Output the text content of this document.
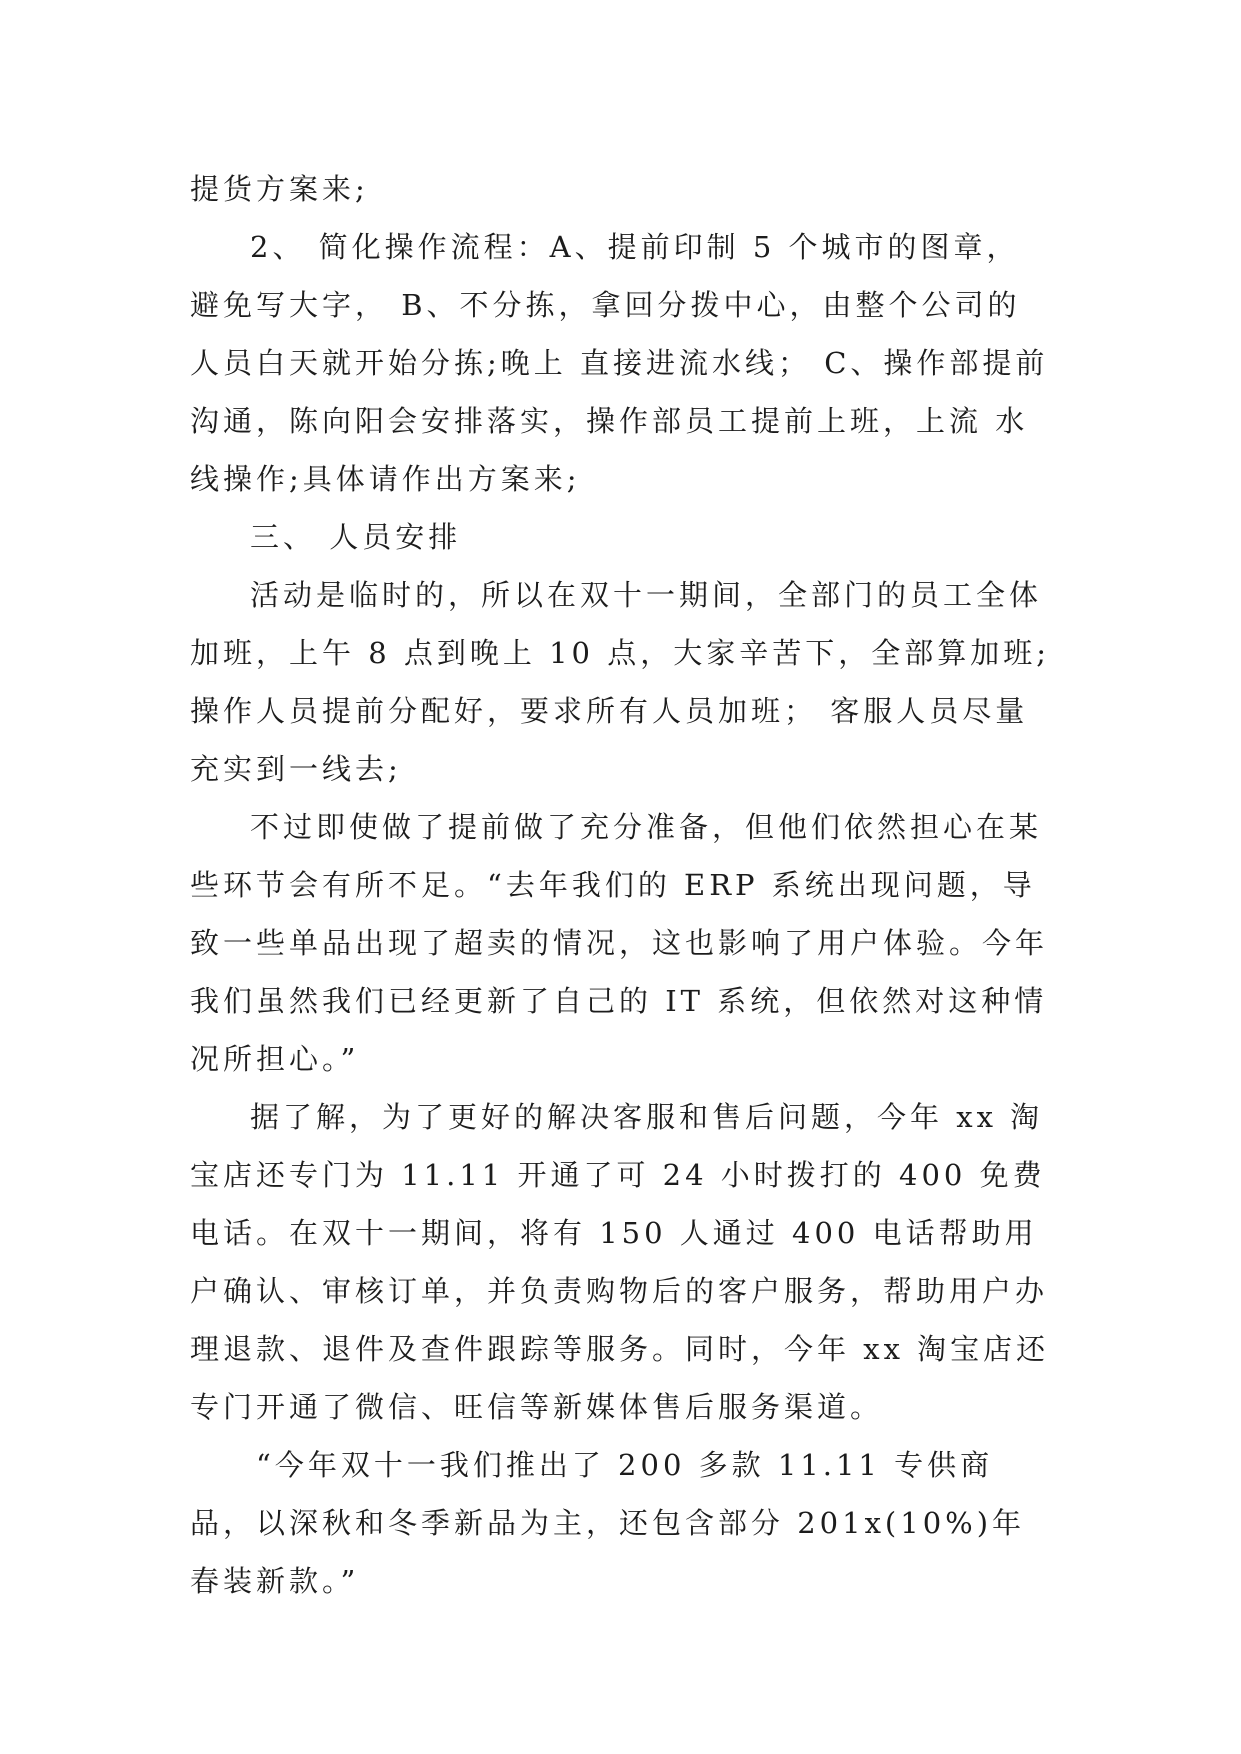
提货方案来;

2、 简化操作流程：A、提前印制 5 个城市的图章，避免写大字， B、不分拣，拿回分拨中心，由整个公司的人员白天就开始分拣;晚上 直接进流水线； C、操作部提前沟通，陈向阳会安排落实，操作部员工提前上班，上流 水线操作;具体请作出方案来;

三、 人员安排

活动是临时的，所以在双十一期间，全部门的员工全体加班，上午 8 点到晚上 10 点，大家辛苦下，全部算加班;操作人员提前分配好，要求所有人员加班； 客服人员尽量充实到一线去;

不过即使做了提前做了充分准备，但他们依然担心在某些环节会有所不足。“去年我们的 ERP 系统出现问题，导致一些单品出现了超卖的情况，这也影响了用户体验。今年我们虽然我们已经更新了自己的 IT 系统，但依然对这种情况所担心。”

据了解，为了更好的解决客服和售后问题，今年 xx 淘宝店还专门为 11.11 开通了可 24 小时拨打的 400 免费电话。在双十一期间，将有 150 人通过 400 电话帮助用户确认、审核订单，并负责购物后的客户服务，帮助用户办理退款、退件及查件跟踪等服务。同时，今年 xx 淘宝店还专门开通了微信、旺信等新媒体售后服务渠道。

“今年双十一我们推出了 200 多款 11.11 专供商品，以深秋和冬季新品为主，还包含部分 201x(10%)年春装新款。”
